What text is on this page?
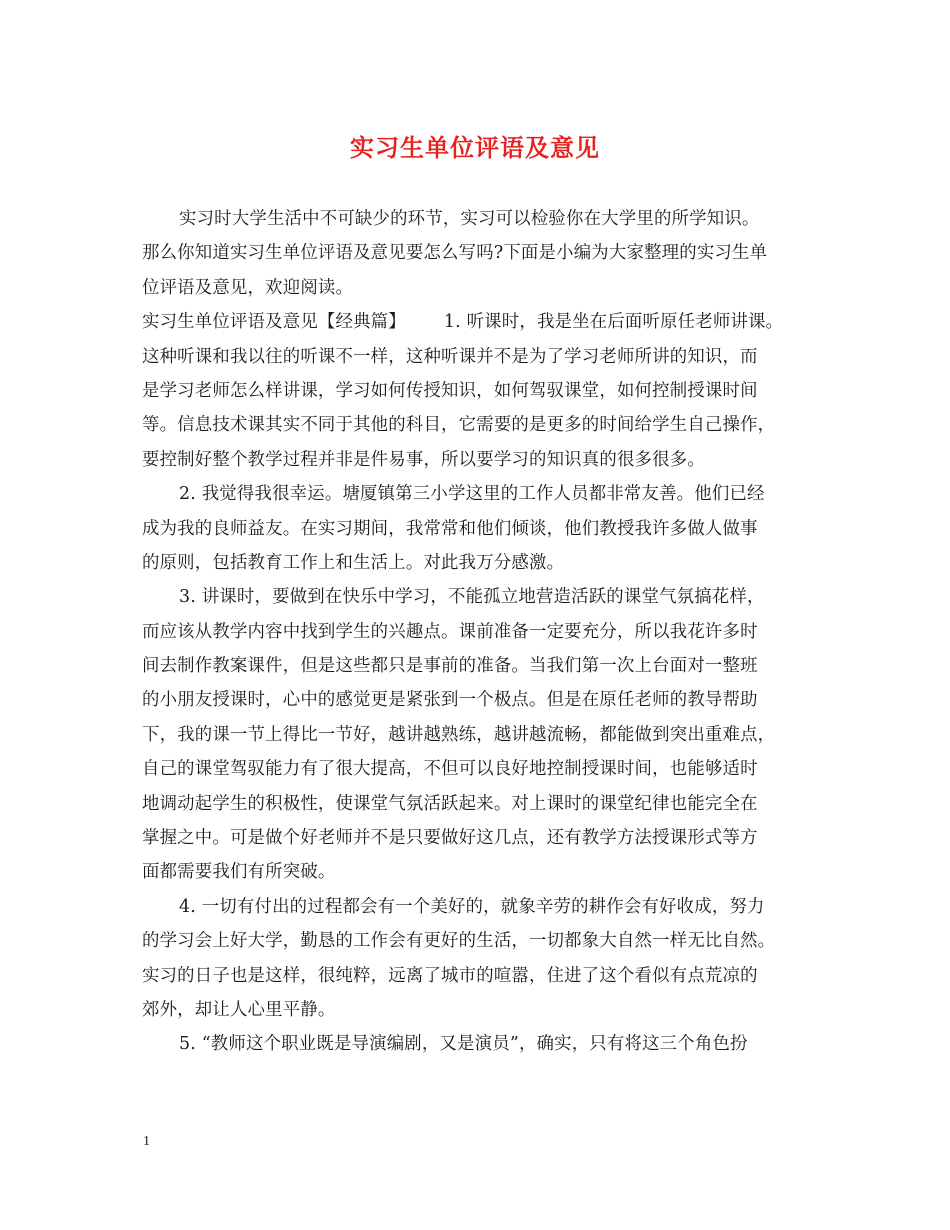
实习生单位评语及意见
实习时大学生活中不可缺少的环节，实习可以检验你在大学里的所学知识。
那么你知道实习生单位评语及意见要怎么写吗?下面是小编为大家整理的实习生单
位评语及意见，欢迎阅读。
实习生单位评语及意见【经典篇】 1. 听课时，我是坐在后面听原任老师讲课。
这种听课和我以往的听课不一样，这种听课并不是为了学习老师所讲的知识，而
是学习老师怎么样讲课，学习如何传授知识，如何驾驭课堂，如何控制授课时间
等。信息技术课其实不同于其他的科目，它需要的是更多的时间给学生自己操作，
要控制好整个教学过程并非是件易事，所以要学习的知识真的很多很多。
2. 我觉得我很幸运。塘厦镇第三小学这里的工作人员都非常友善。他们已经
成为我的良师益友。在实习期间，我常常和他们倾谈，他们教授我许多做人做事
的原则，包括教育工作上和生活上。对此我万分感激。
3. 讲课时，要做到在快乐中学习，不能孤立地营造活跃的课堂气氛搞花样，
而应该从教学内容中找到学生的兴趣点。课前准备一定要充分，所以我花许多时
间去制作教案课件，但是这些都只是事前的准备。当我们第一次上台面对一整班
的小朋友授课时，心中的感觉更是紧张到一个极点。但是在原任老师的教导帮助
下，我的课一节上得比一节好，越讲越熟练，越讲越流畅，都能做到突出重难点，
自己的课堂驾驭能力有了很大提高，不但可以良好地控制授课时间，也能够适时
地调动起学生的积极性，使课堂气氛活跃起来。对上课时的课堂纪律也能完全在
掌握之中。可是做个好老师并不是只要做好这几点，还有教学方法授课形式等方
面都需要我们有所突破。
4. 一切有付出的过程都会有一个美好的，就象辛劳的耕作会有好收成，努力
的学习会上好大学，勤恳的工作会有更好的生活，一切都象大自然一样无比自然。
实习的日子也是这样，很纯粹，远离了城市的喧嚣，住进了这个看似有点荒凉的
郊外，却让人心里平静。
5. “教师这个职业既是导演编剧，又是演员”，确实，只有将这三个角色扮
1
